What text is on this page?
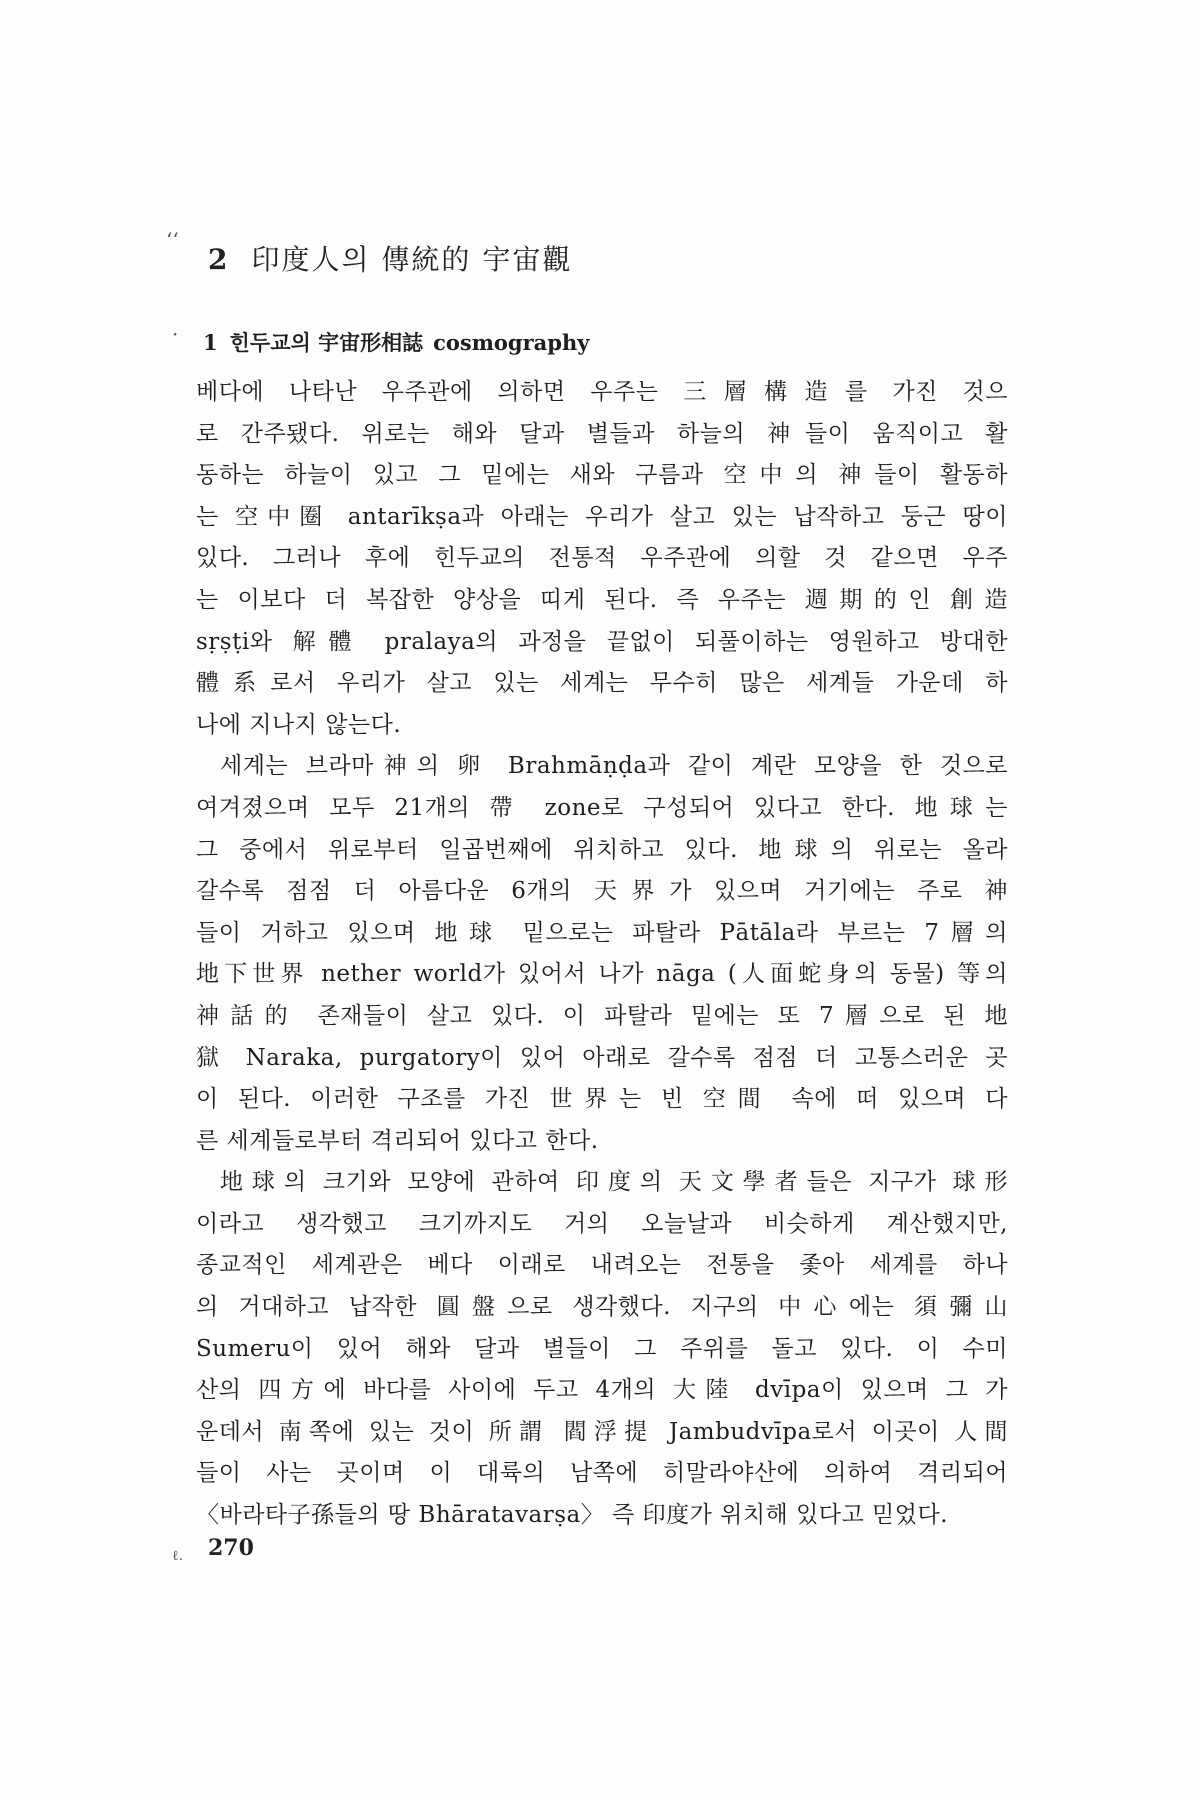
ʻʻ
·
2 印度人의 傳統的 宇宙觀
1 힌두교의 宇宙形相誌 cosmography
베다에 나타난 우주관에 의하면 우주는 三層構造를 가진 것으
로 간주됐다. 위로는 해와 달과 별들과 하늘의 神들이 움직이고 활
동하는 하늘이 있고 그 밑에는 새와 구름과 空中의 神들이 활동하
는 空中圈 antarīkṣa과 아래는 우리가 살고 있는 납작하고 둥근 땅이
있다. 그러나 후에 힌두교의 전통적 우주관에 의할 것 같으면 우주
는 이보다 더 복잡한 양상을 띠게 된다. 즉 우주는 週期的인 創造
sṛṣṭi와 解體 pralaya의 과정을 끝없이 되풀이하는 영원하고 방대한
體系로서 우리가 살고 있는 세계는 무수히 많은 세계들 가운데 하
나에 지나지 않는다.
세계는 브라마神의 卵 Brahmāṇḍa과 같이 계란 모양을 한 것으로
여겨졌으며 모두 21개의 帶 zone로 구성되어 있다고 한다. 地球는
그 중에서 위로부터 일곱번째에 위치하고 있다. 地球의 위로는 올라
갈수록 점점 더 아름다운 6개의 天界가 있으며 거기에는 주로 神
들이 거하고 있으며 地球 밑으로는 파탈라 Pātāla라 부르는 7層의
地下世界 nether world가 있어서 나가 nāga (人面蛇身의 동물) 等의
神話的 존재들이 살고 있다. 이 파탈라 밑에는 또 7層으로 된 地
獄 Naraka, purgatory이 있어 아래로 갈수록 점점 더 고통스러운 곳
이 된다. 이러한 구조를 가진 世界는 빈 空間 속에 떠 있으며 다
른 세계들로부터 격리되어 있다고 한다.
地球의 크기와 모양에 관하여 印度의 天文學者들은 지구가 球形
이라고 생각했고 크기까지도 거의 오늘날과 비슷하게 계산했지만,
종교적인 세계관은 베다 이래로 내려오는 전통을 좇아 세계를 하나
의 거대하고 납작한 圓盤으로 생각했다. 지구의 中心에는 須彌山
Sumeru이 있어 해와 달과 별들이 그 주위를 돌고 있다. 이 수미
산의 四方에 바다를 사이에 두고 4개의 大陸 dvīpa이 있으며 그 가
운데서 南쪽에 있는 것이 所謂 閻浮提 Jambudvīpa로서 이곳이 人間
들이 사는 곳이며 이 대륙의 남쪽에 히말라야산에 의하여 격리되어
〈바라타子孫들의 땅 Bhāratavarṣa〉 즉 印度가 위치해 있다고 믿었다.
270
ℓ.
